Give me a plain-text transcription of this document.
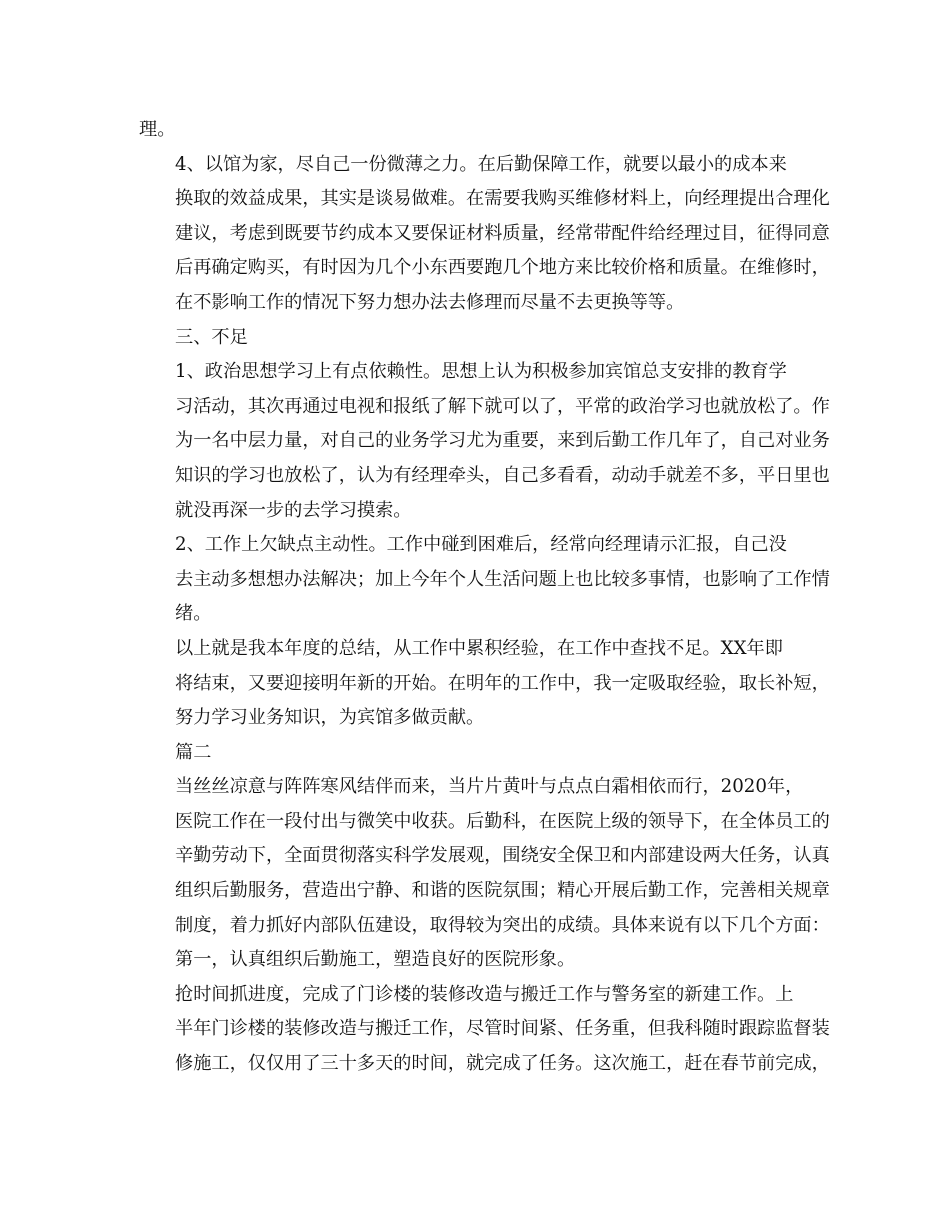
理。

4、以馆为家，尽自己一份微薄之力。在后勤保障工作，就要以最小的成本来
换取的效益成果，其实是谈易做难。在需要我购买维修材料上，向经理提出合理化
建议，考虑到既要节约成本又要保证材料质量，经常带配件给经理过目，征得同意
后再确定购买，有时因为几个小东西要跑几个地方来比较价格和质量。在维修时，
在不影响工作的情况下努力想办法去修理而尽量不去更换等等。

三、不足

1、政治思想学习上有点依赖性。思想上认为积极参加宾馆总支安排的教育学
习活动，其次再通过电视和报纸了解下就可以了，平常的政治学习也就放松了。作
为一名中层力量，对自己的业务学习尤为重要，来到后勤工作几年了，自己对业务
知识的学习也放松了，认为有经理牵头，自己多看看，动动手就差不多，平日里也
就没再深一步的去学习摸索。

2、工作上欠缺点主动性。工作中碰到困难后，经常向经理请示汇报，自己没
去主动多想想办法解决；加上今年个人生活问题上也比较多事情，也影响了工作情
绪。

以上就是我本年度的总结，从工作中累积经验，在工作中查找不足。XX年即
将结束，又要迎接明年新的开始。在明年的工作中，我一定吸取经验，取长补短，
努力学习业务知识，为宾馆多做贡献。

篇二

当丝丝凉意与阵阵寒风结伴而来，当片片黄叶与点点白霜相依而行，2020年，
医院工作在一段付出与微笑中收获。后勤科，在医院上级的领导下，在全体员工的
辛勤劳动下，全面贯彻落实科学发展观，围绕安全保卫和内部建设两大任务，认真
组织后勤服务，营造出宁静、和谐的医院氛围；精心开展后勤工作，完善相关规章
制度，着力抓好内部队伍建设，取得较为突出的成绩。具体来说有以下几个方面：

第一，认真组织后勤施工，塑造良好的医院形象。

抢时间抓进度，完成了门诊楼的装修改造与搬迁工作与警务室的新建工作。上
半年门诊楼的装修改造与搬迁工作，尽管时间紧、任务重，但我科随时跟踪监督装
修施工，仅仅用了三十多天的时间，就完成了任务。这次施工，赶在春节前完成，
